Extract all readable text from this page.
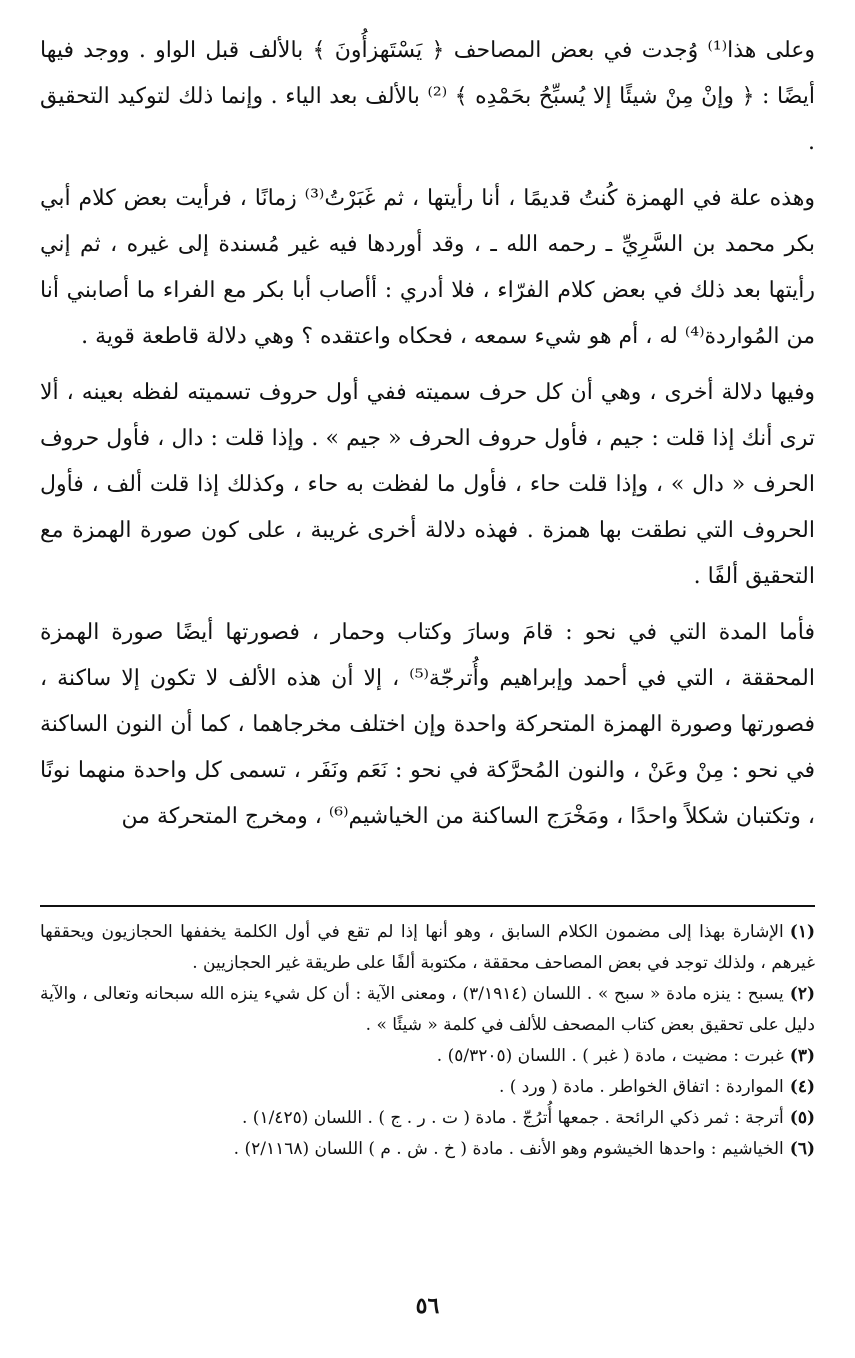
وعلى هذا⁽¹⁾ وُجدت في بعض المصاحف ﴿ يَسْتَهزأُونَ ﴾ بالألف قبل الواو . ووجد فيها أيضًا : ﴿ وإنْ مِنْ شيئًا إلا يُسبِّحُ بحَمْدِه ﴾ ⁽²⁾ بالألف بعد الياء . وإنما ذلك لتوكيد التحقيق .

وهذه علة في الهمزة كُنتُ قديمًا ، أنا رأيتها ، ثم غَبَرْتُ⁽³⁾ زمانًا ، فرأيت بعض كلام أبي بكر محمد بن السَّرِيِّ ـ رحمه الله ـ ، وقد أوردها فيه غير مُسندة إلى غيره ، ثم إني رأيتها بعد ذلك في بعض كلام الفرّاء ، فلا أدري : أأصاب أبا بكر مع الفراء ما أصابني أنا من المُواردة⁽⁴⁾ له ، أم هو شيء سمعه ، فحكاه واعتقده ؟ وهي دلالة قاطعة قوية .

وفيها دلالة أخرى ، وهي أن كل حرف سميته ففي أول حروف تسميته لفظه بعينه ، ألا ترى أنك إذا قلت : جيم ، فأول حروف الحرف « جيم » . وإذا قلت : دال ، فأول حروف الحرف « دال » ، وإذا قلت حاء ، فأول ما لفظت به حاء ، وكذلك إذا قلت ألف ، فأول الحروف التي نطقت بها همزة . فهذه دلالة أخرى غريبة ، على كون صورة الهمزة مع التحقيق ألفًا .

فأما المدة التي في نحو : قامَ وسارَ وكتاب وحمار ، فصورتها أيضًا صورة الهمزة المحققة ، التي في أحمد وإبراهيم وأُترجّة⁽⁵⁾ ، إلا أن هذه الألف لا تكون إلا ساكنة ، فصورتها وصورة الهمزة المتحركة واحدة وإن اختلف مخرجاهما ، كما أن النون الساكنة في نحو : مِنْ وعَنْ ، والنون المُحرَّكة في نحو : نَعَم ونَفَر ، تسمى كل واحدة منهما نونًا ، وتكتبان شكلاً واحدًا ، ومَخْرَج الساكنة من الخياشيم⁽⁶⁾ ، ومخرج المتحركة من

(١)الإشارة بهذا إلى مضمون الكلام السابق ، وهو أنها إذا لم تقع في أول الكلمة يخففها الحجازيون ويحققها غيرهم ، ولذلك توجد في بعض المصاحف محققة ، مكتوبة ألفًا على طريقة غير الحجازيين .

(٢)يسبح : ينزه مادة « سبح » . اللسان (٣/١٩١٤) ، ومعنى الآية : أن كل شيء ينزه الله سبحانه وتعالى ، والآية دليل على تحقيق بعض كتاب المصحف للألف في كلمة « شيئًا » .

(٣)غبرت : مضيت ، مادة ( غبر ) . اللسان (٥/٣٢٠٥) .

(٤)المواردة : اتفاق الخواطر . مادة ( ورد ) .

(٥)أترجة : ثمر ذكي الرائحة . جمعها أُترُجّ . مادة ( ت . ر . ج ) . اللسان (١/٤٢٥) .

(٦)الخياشيم : واحدها الخيشوم وهو الأنف . مادة ( خ . ش . م ) اللسان (٢/١١٦٨) .

٥٦
